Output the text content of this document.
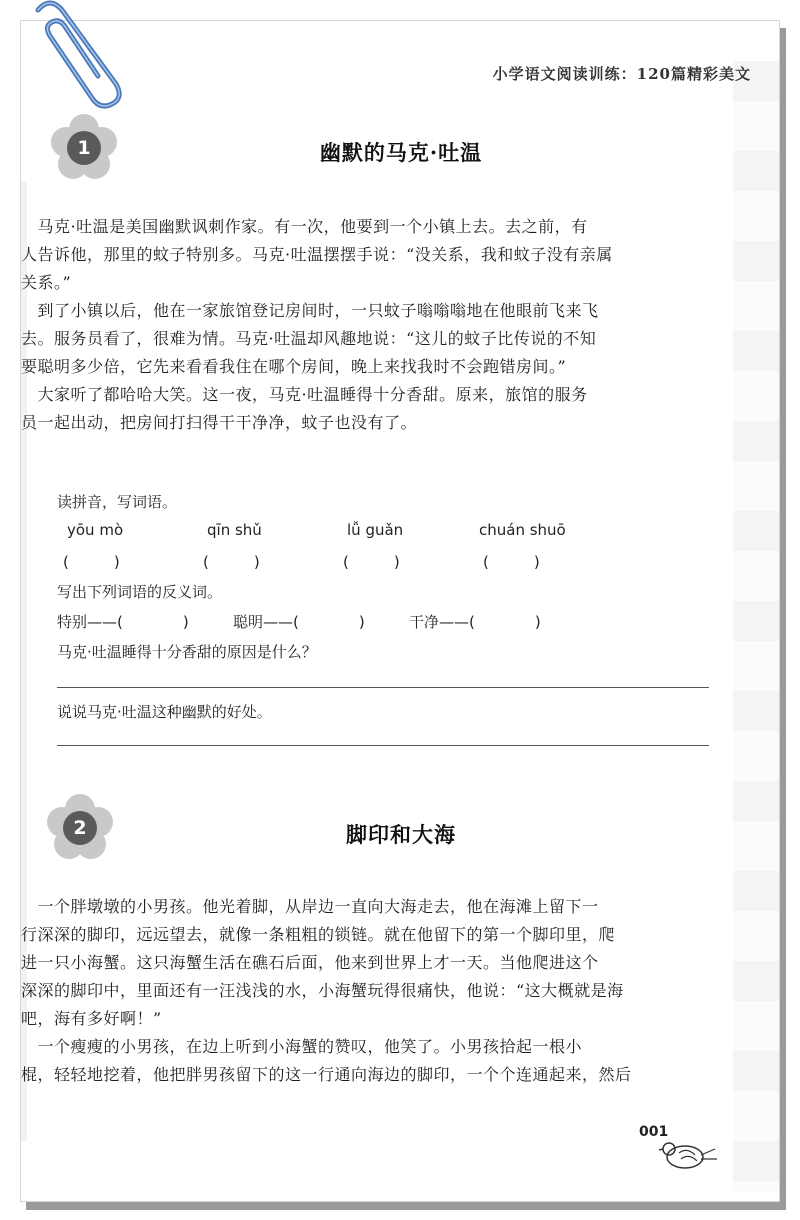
小学语文阅读训练：120篇精彩美文
1	幽默的马克·吐温

　马克·吐温是美国幽默讽刺作家。有一次，他要到一个小镇上去。去之前，有

人告诉他，那里的蚊子特别多。马克·吐温摆摆手说：“没关系，我和蚊子没有亲属

关系。”

　到了小镇以后，他在一家旅馆登记房间时，一只蚊子嗡嗡嗡地在他眼前飞来飞

去。服务员看了，很难为情。马克·吐温却风趣地说：“这儿的蚊子比传说的不知

要聪明多少倍，它先来看看我住在哪个房间，晚上来找我时不会跑错房间。”

　大家听了都哈哈大笑。这一夜，马克·吐温睡得十分香甜。原来，旅馆的服务

员一起出动，把房间打扫得干干净净，蚊子也没有了。

读拼音，写词语。
yōu mò	qīn shǔ	lǚ guǎn	chuán shuō
(　　　)	(　　　)	(　　　)	(　　　)
写出下列词语的反义词。
特别——(　　　　)	聪明——(　　　　)	干净——(　　　　)
马克·吐温睡得十分香甜的原因是什么？
说说马克·吐温这种幽默的好处。
2	脚印和大海

　一个胖墩墩的小男孩。他光着脚，从岸边一直向大海走去，他在海滩上留下一

行深深的脚印，远远望去，就像一条粗粗的锁链。就在他留下的第一个脚印里，爬

进一只小海蟹。这只海蟹生活在礁石后面，他来到世界上才一天。当他爬进这个

深深的脚印中，里面还有一汪浅浅的水，小海蟹玩得很痛快，他说：“这大概就是海

吧，海有多好啊！”

　一个瘦瘦的小男孩，在边上听到小海蟹的赞叹，他笑了。小男孩拾起一根小

棍，轻轻地挖着，他把胖男孩留下的这一行通向海边的脚印，一个个连通起来，然后

001
